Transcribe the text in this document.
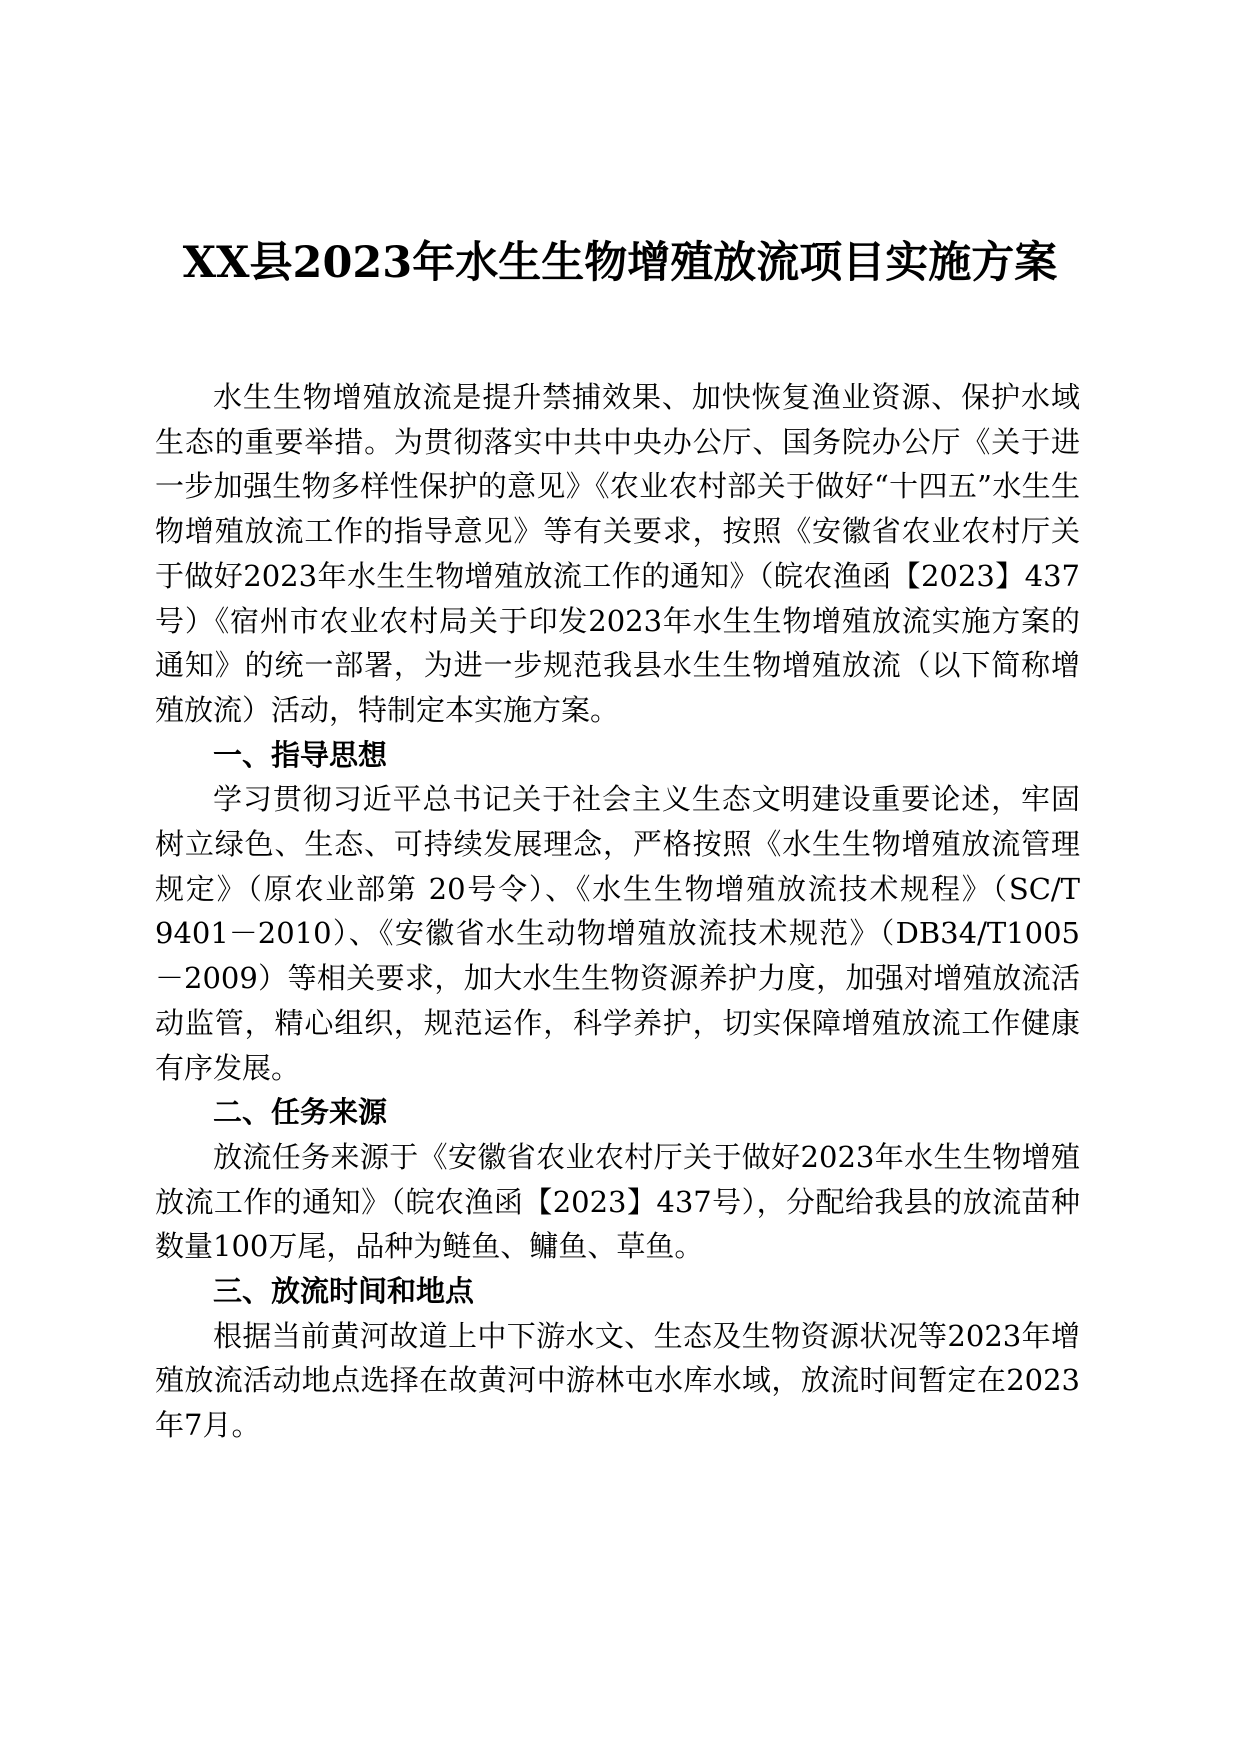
XX县2023年水生生物增殖放流项目实施方案

水生生物增殖放流是提升禁捕效果、加快恢复渔业资源、保护水域生态的重要举措。为贯彻落实中共中央办公厅、国务院办公厅《关于进一步加强生物多样性保护的意见》《农业农村部关于做好“十四五”水生生物增殖放流工作的指导意见》等有关要求，按照《安徽省农业农村厅关于做好2023年水生生物增殖放流工作的通知》（皖农渔函【2023】437号）《宿州市农业农村局关于印发2023年水生生物增殖放流实施方案的通知》的统一部署，为进一步规范我县水生生物增殖放流（以下简称增殖放流）活动，特制定本实施方案。

一、指导思想

学习贯彻习近平总书记关于社会主义生态文明建设重要论述，牢固树立绿色、生态、可持续发展理念，严格按照《水生生物增殖放流管理规定》（原农业部第 20号令）、《水生生物增殖放流技术规程》（SC/T 9401－2010）、《安徽省水生动物增殖放流技术规范》（DB34/T1005－2009）等相关要求，加大水生生物资源养护力度，加强对增殖放流活动监管，精心组织，规范运作，科学养护，切实保障增殖放流工作健康有序发展。

二、任务来源

放流任务来源于《安徽省农业农村厅关于做好2023年水生生物增殖放流工作的通知》（皖农渔函【2023】437号），分配给我县的放流苗种数量100万尾，品种为鲢鱼、鳙鱼、草鱼。

三、放流时间和地点

根据当前黄河故道上中下游水文、生态及生物资源状况等2023年增殖放流活动地点选择在故黄河中游林屯水库水域，放流时间暂定在2023年7月。
